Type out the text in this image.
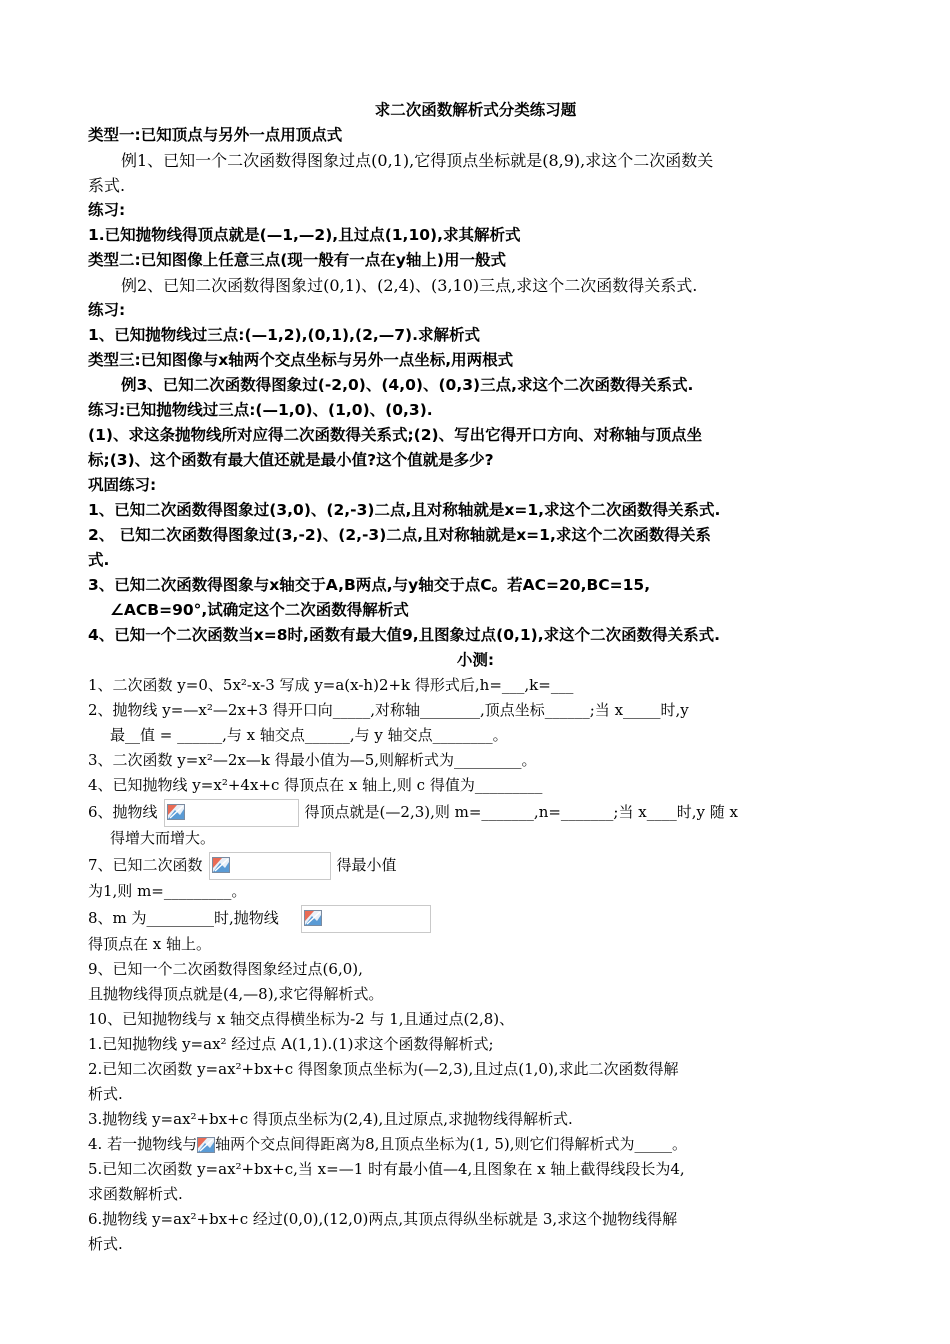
求二次函数解析式分类练习题
类型一:已知顶点与另外一点用顶点式
例1、已知一个二次函数得图象过点(0,1),它得顶点坐标就是(8,9),求这个二次函数关
系式.
练习:
1.已知抛物线得顶点就是(—1,—2),且过点(1,10),求其解析式
类型二:已知图像上任意三点(现一般有一点在y轴上)用一般式
例2、已知二次函数得图象过(0,1)、(2,4)、(3,10)三点,求这个二次函数得关系式.
练习:
1、已知抛物线过三点:(—1,2),(0,1),(2,—7).求解析式
类型三:已知图像与x轴两个交点坐标与另外一点坐标,用两根式
例3、已知二次函数得图象过(-2,0)、(4,0)、(0,3)三点,求这个二次函数得关系式.
练习:已知抛物线过三点:(—1,0)、(1,0)、(0,3).
(1)、求这条抛物线所对应得二次函数得关系式;(2)、写出它得开口方向、对称轴与顶点坐
标;(3)、这个函数有最大值还就是最小值?这个值就是多少?
巩固练习:
1、已知二次函数得图象过(3,0)、(2,-3)二点,且对称轴就是x=1,求这个二次函数得关系式.
2、 已知二次函数得图象过(3,-2)、(2,-3)二点,且对称轴就是x=1,求这个二次函数得关系
式.
3、已知二次函数得图象与x轴交于A,B两点,与y轴交于点C。若AC=20,BC=15,
∠ACB=90°,试确定这个二次函数得解析式
4、已知一个二次函数当x=8时,函数有最大值9,且图象过点(0,1),求这个二次函数得关系式.
小测:
1、二次函数 y=0、5x²-x-3 写成 y=a(x-h)2+k 得形式后,h=___,k=___
2、抛物线 y=—x²—2x+3 得开口向_____,对称轴________,顶点坐标______;当 x_____时,y
最__值 = ______,与 x 轴交点______,与 y 轴交点________。
3、二次函数 y=x²—2x—k 得最小值为—5,则解析式为_________。
4、已知抛物线 y=x²+4x+c 得顶点在 x 轴上,则 c 得值为_________
6、抛物线	得顶点就是(—2,3),则 m=_______,n=_______;当 x____时,y 随 x
得增大而增大。
7、已知二次函数	得最小值
为1,则 m=_________。
8、m 为_________时,抛物线
得顶点在 x 轴上。
9、已知一个二次函数得图象经过点(6,0),
且抛物线得顶点就是(4,—8),求它得解析式。
10、已知抛物线与 x 轴交点得横坐标为-2 与 1,且通过点(2,8)、
1.已知抛物线 y=ax² 经过点 A(1,1).(1)求这个函数得解析式;
2.已知二次函数 y=ax²+bx+c 得图象顶点坐标为(—2,3),且过点(1,0),求此二次函数得解
析式.
3.抛物线 y=ax²+bx+c 得顶点坐标为(2,4),且过原点,求抛物线得解析式.
4. 若一抛物线与 轴两个交点间得距离为8,且顶点坐标为(1, 5),则它们得解析式为_____。
5.已知二次函数 y=ax²+bx+c,当 x=—1 时有最小值—4,且图象在 x 轴上截得线段长为4,
求函数解析式.
6.抛物线 y=ax²+bx+c 经过(0,0),(12,0)两点,其顶点得纵坐标就是 3,求这个抛物线得解
析式.
